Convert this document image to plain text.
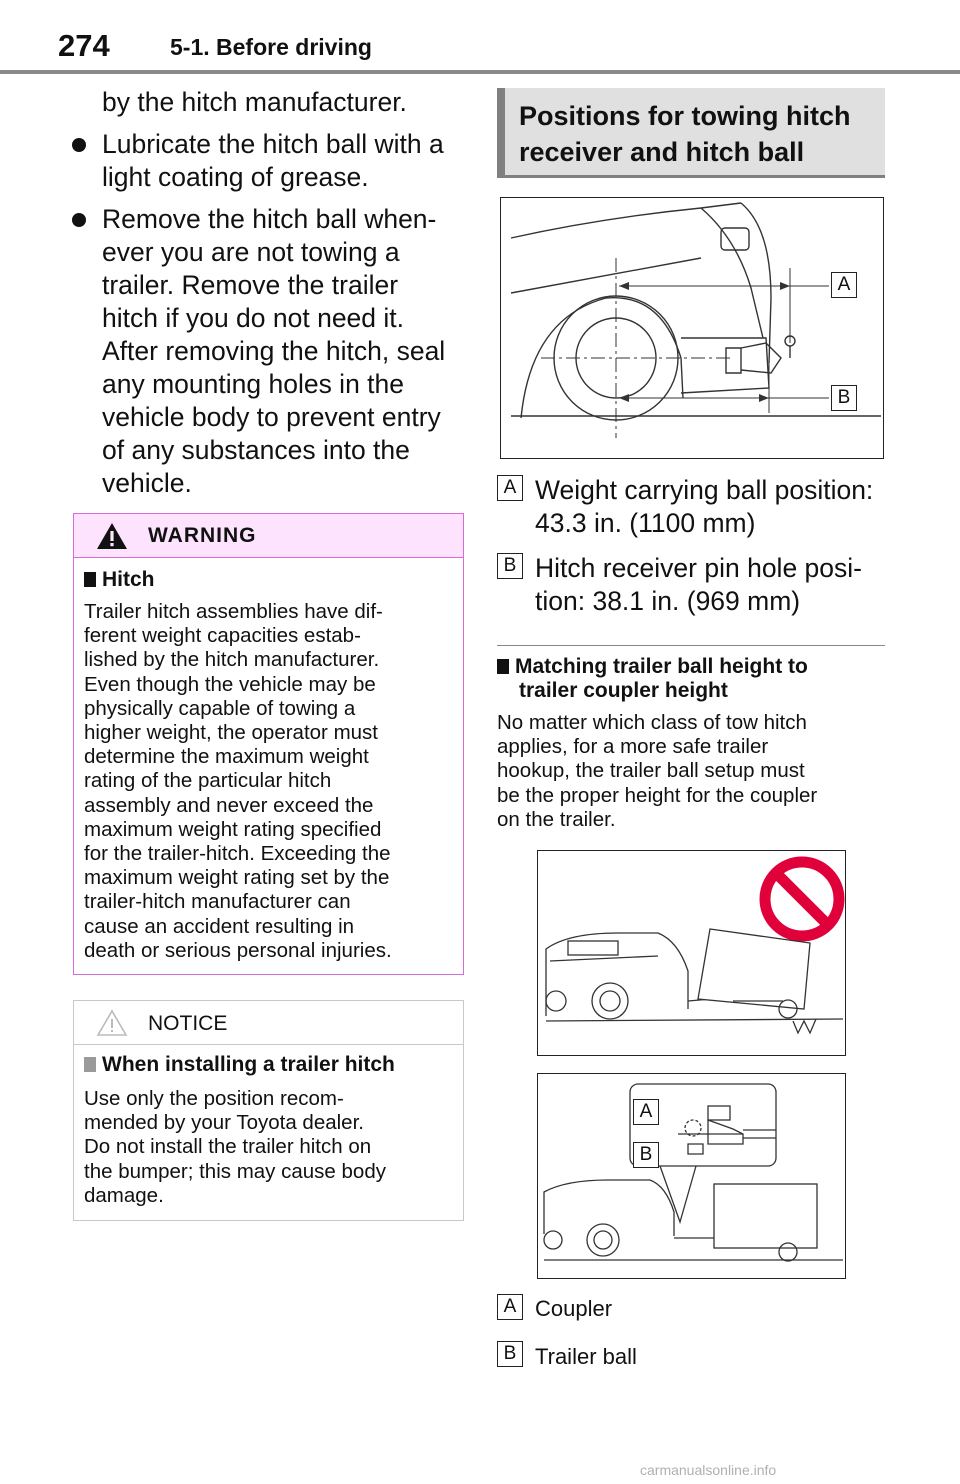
274	5-1. Before driving
by the hitch manufacturer.
Lubricate the hitch ball with a
light coating of grease.
Remove the hitch ball when-
ever you are not towing a
trailer. Remove the trailer
hitch if you do not need it.
After removing the hitch, seal
any mounting holes in the
vehicle body to prevent entry
of any substances into the
vehicle.
WARNING
Hitch
Trailer hitch assemblies have dif-
ferent weight capacities estab-
lished by the hitch manufacturer.
Even though the vehicle may be
physically capable of towing a
higher weight, the operator must
determine the maximum weight
rating of the particular hitch
assembly and never exceed the
maximum weight rating specified
for the trailer-hitch. Exceeding the
maximum weight rating set by the
trailer-hitch manufacturer can
cause an accident resulting in
death or serious personal injuries.
NOTICE
When installing a trailer hitch
Use only the position recom-
mended by your Toyota dealer.
Do not install the trailer hitch on
the bumper; this may cause body
damage.
Positions for towing hitch
receiver and hitch ball
A
B
A Weight carrying ball position:
43.3 in. (1100 mm)
B Hitch receiver pin hole posi-
tion: 38.1 in. (969 mm)
Matching trailer ball height to
trailer coupler height
No matter which class of tow hitch
applies, for a more safe trailer
hookup, the trailer ball setup must
be the proper height for the coupler
on the trailer.
A
B
A Coupler
B Trailer ball
carmanualsonline.info
